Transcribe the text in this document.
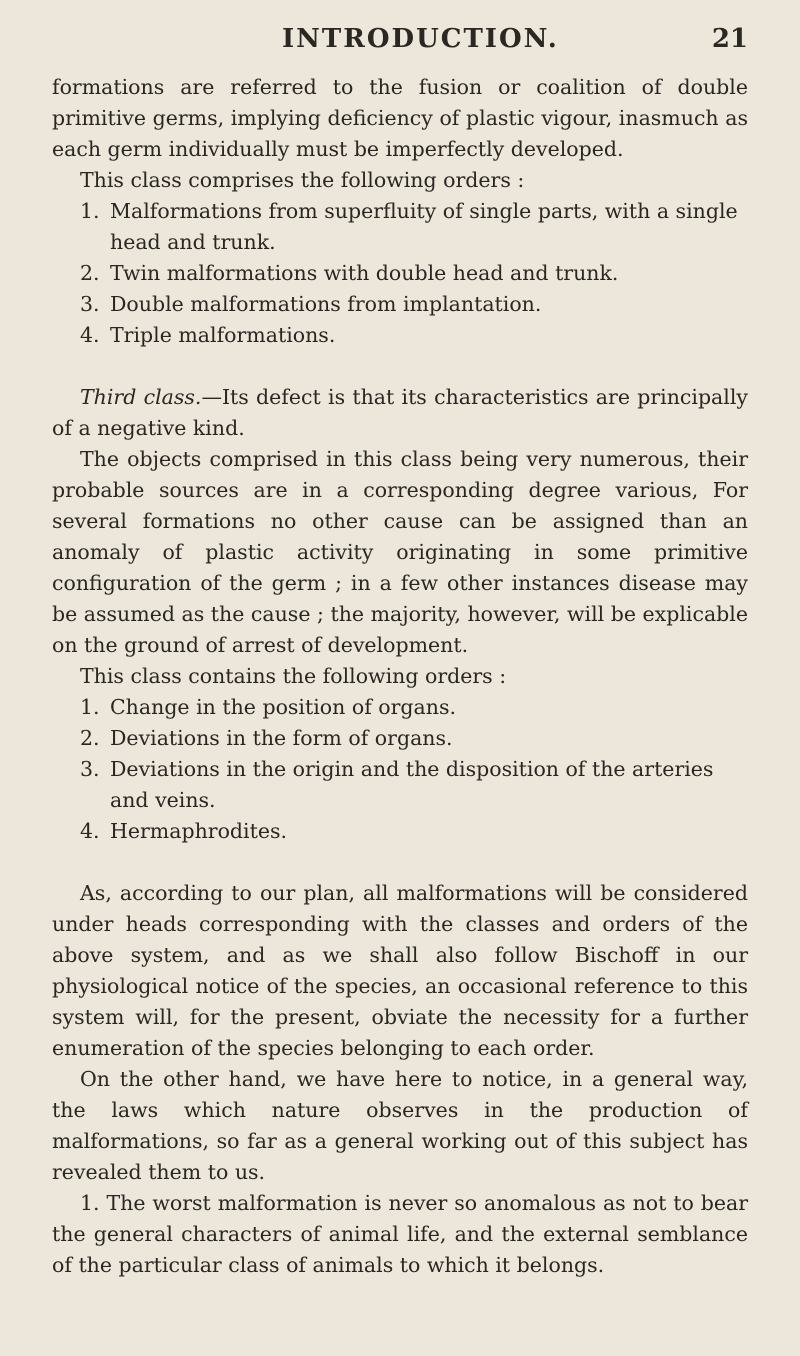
INTRODUCTION.	21

formations are referred to the fusion or coalition of double primitive germs, implying deficiency of plastic vigour, inasmuch as each germ individually must be imperfectly developed.

This class comprises the following orders :

1. Malformations from superfluity of single parts, with a single head and trunk.
2. Twin malformations with double head and trunk.
3. Double malformations from implantation.
4. Triple malformations.

Third class.—Its defect is that its characteristics are principally of a negative kind.

The objects comprised in this class being very numerous, their probable sources are in a corresponding degree various, For several formations no other cause can be assigned than an anomaly of plastic activity originating in some primitive configuration of the germ ; in a few other instances disease may be assumed as the cause ; the majority, however, will be explicable on the ground of arrest of development.

This class contains the following orders :

1. Change in the position of organs.
2. Deviations in the form of organs.
3. Deviations in the origin and the disposition of the arteries and veins.
4. Hermaphrodites.

As, according to our plan, all malformations will be considered under heads corresponding with the classes and orders of the above system, and as we shall also follow Bischoff in our physiological notice of the species, an occasional reference to this system will, for the present, obviate the necessity for a further enumeration of the species belonging to each order.

On the other hand, we have here to notice, in a general way, the laws which nature observes in the production of malformations, so far as a general working out of this subject has revealed them to us.

1. The worst malformation is never so anomalous as not to bear the general characters of animal life, and the external semblance of the particular class of animals to which it belongs.
